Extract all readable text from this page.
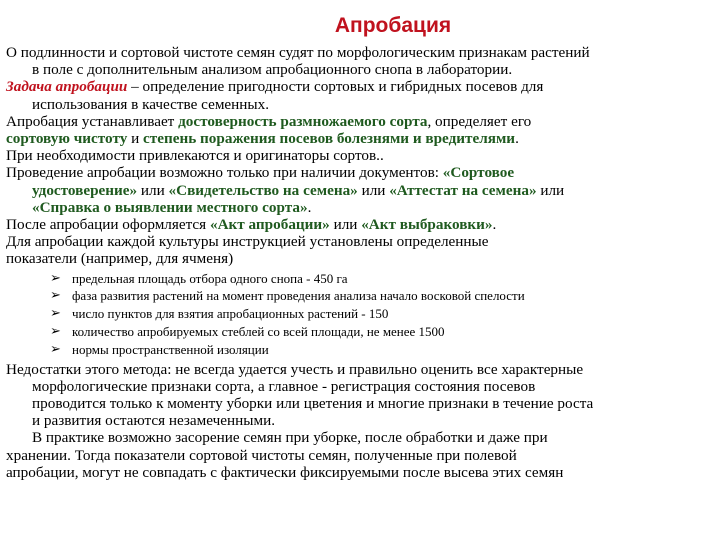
Апробация

О подлинности и сортовой чистоте семян судят по морфологическим признакам растений
в поле с дополнительным анализом апробационного снопа в лаборатории.

Задача апробации – определение пригодности сортовых и гибридных посевов для
использования в качестве семенных.

Апробация устанавливает достоверность размножаемого сорта, определяет его
сортовую чистоту и степень поражения посевов болезнями и вредителями.

При необходимости привлекаются и оригинаторы сортов..

Проведение апробации возможно только при наличии документов: «Сортовое
удостоверение» или «Свидетельство на семена» или «Аттестат на семена» или
«Справка о выявлении местного сорта».

После апробации оформляется «Акт апробации» или «Акт выбраковки».

Для апробации каждой культуры инструкцией установлены определенные
показатели (например, для ячменя)

➢ предельная площадь отбора одного снопа - 450 га
➢ фаза развития растений на момент проведения анализа начало восковой спелости
➢ число пунктов для взятия апробационных растений - 150
➢ количество апробируемых стеблей со всей площади, не менее 1500
➢ нормы пространственной изоляции

Недостатки этого метода: не всегда удается учесть и правильно оценить все характерные
морфологические признаки сорта, а главное - регистрация состояния посевов
проводится только к моменту уборки или цветения и многие признаки в течение роста
и развития остаются незамеченными.
В практике возможно засорение семян при уборке, после обработки и даже при
хранении. Тогда показатели сортовой чистоты семян, полученные при полевой
апробации, могут не совпадать с фактически фиксируемыми после высева этих семян
